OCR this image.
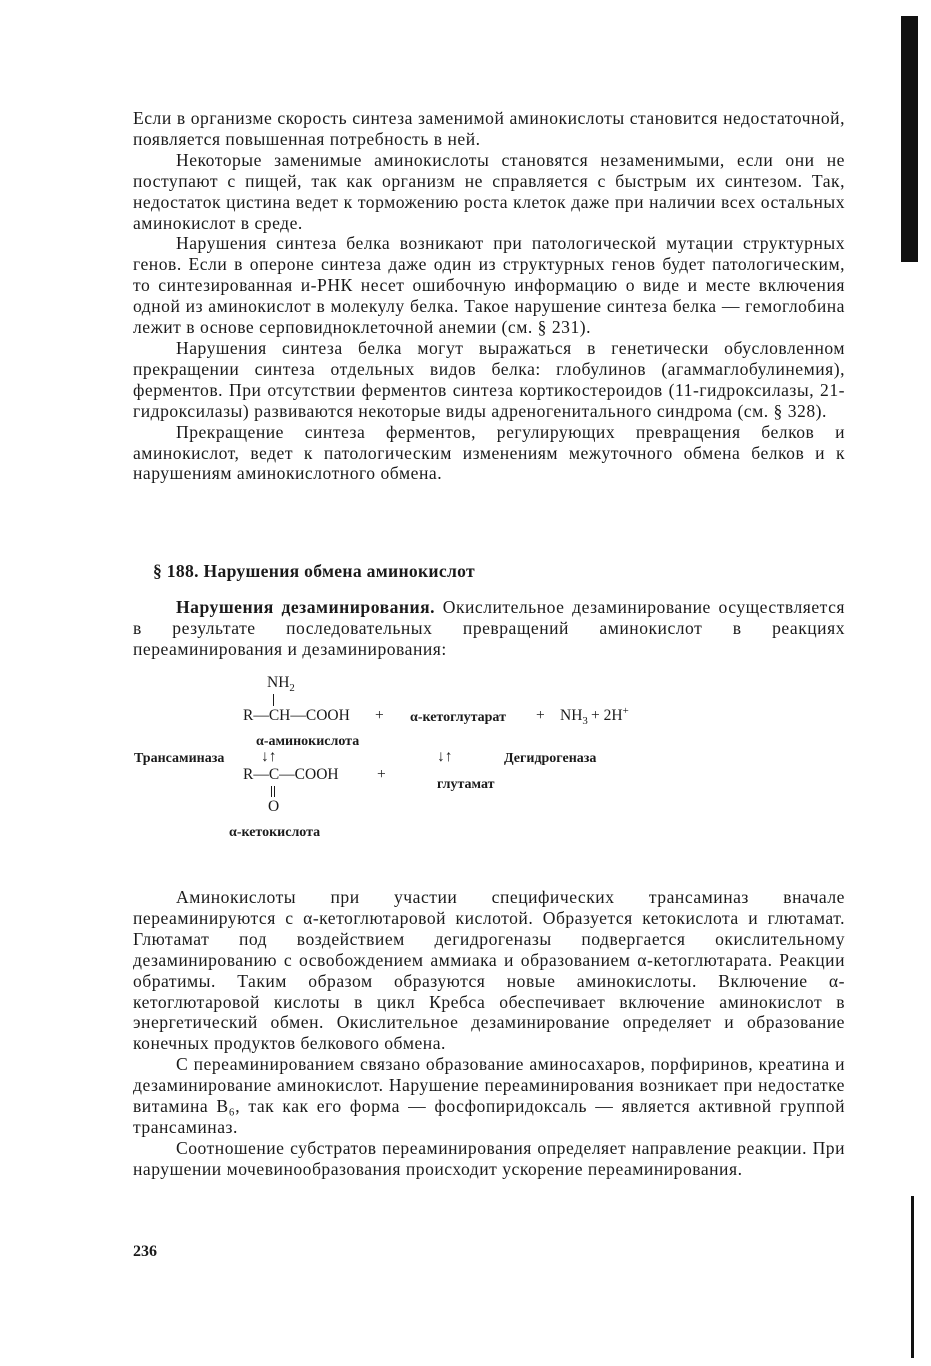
Если в организме скорость синтеза заменимой аминокислоты становится недостаточной, появляется повышенная потребность в ней.

Некоторые заменимые аминокислоты становятся незаменимыми, если они не поступают с пищей, так как организм не справляется с быстрым их синтезом. Так, недостаток цистина ведет к торможению роста клеток даже при наличии всех остальных аминокислот в среде.

Нарушения синтеза белка возникают при патологической мутации структурных генов. Если в опероне синтеза даже один из структурных генов будет патологическим, то синтезированная и-РНК несет ошибочную информацию о виде и месте включения одной из аминокислот в молекулу белка. Такое нарушение синтеза белка — гемоглобина лежит в основе серповидноклеточной анемии (см. § 231).

Нарушения синтеза белка могут выражаться в генетически обусловленном прекращении синтеза отдельных видов белка: глобулинов (агаммаглобулинемия), ферментов. При отсутствии ферментов синтеза кортикостероидов (11-гидроксилазы, 21-гидроксилазы) развиваются некоторые виды адреногенитального синдрома (см. § 328).

Прекращение синтеза ферментов, регулирующих превращения белков и аминокислот, ведет к патологическим изменениям межуточного обмена белков и к нарушениям аминокислотного обмена.

§ 188. Нарушения обмена аминокислот

Нарушения дезаминирования. Окислительное дезаминирование осуществляется в результате последовательных превращений аминокислот в реакциях переаминирования и дезаминирования:

$NH_2$
R—CH—COOH + α-кетоглутарат + $NH_3 + 2H^+$
α-аминокислота
Трансаминаза ↓↑	↓↑	Дегидрогеназа
R—C—COOH +
глутамат
O
α-кетокислота

Аминокислоты при участии специфических трансаминаз вначале переаминируются с α-кетоглютаровой кислотой. Образуется кетокислота и глютамат. Глютамат под воздействием дегидрогеназы подвергается окислительному дезаминированию с освобождением аммиака и образованием α-кетоглютарата. Реакции обратимы. Таким образом образуются новые аминокислоты. Включение α-кетоглютаровой кислоты в цикл Кребса обеспечивает включение аминокислот в энергетический обмен. Окислительное дезаминирование определяет и образование конечных продуктов белкового обмена.

С переаминированием связано образование аминосахаров, порфиринов, креатина и дезаминирование аминокислот. Нарушение переаминирования возникает при недостатке витамина B₆, так как его форма — фосфопиридоксаль — является активной группой трансаминаз.

Соотношение субстратов переаминирования определяет направление реакции. При нарушении мочевинообразования происходит ускорение переаминирования.

236
